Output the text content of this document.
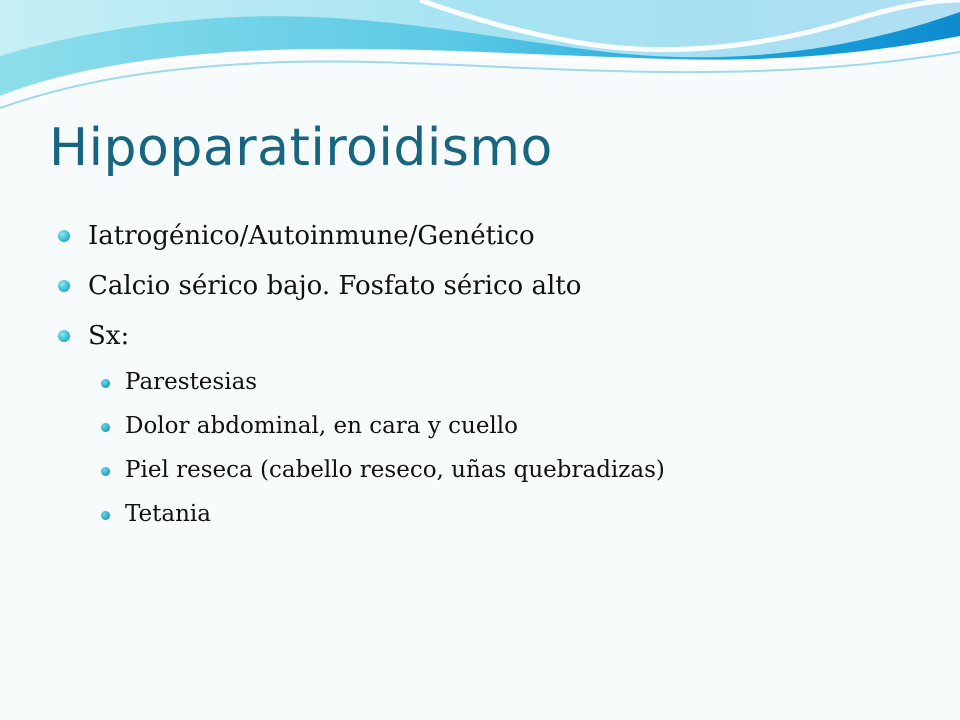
Hipoparatiroidismo
Iatrogénico/Autoinmune/Genético
Calcio sérico bajo. Fosfato sérico alto
Sx:
Parestesias
Dolor abdominal, en cara y cuello
Piel reseca (cabello reseco, uñas quebradizas)
Tetania
